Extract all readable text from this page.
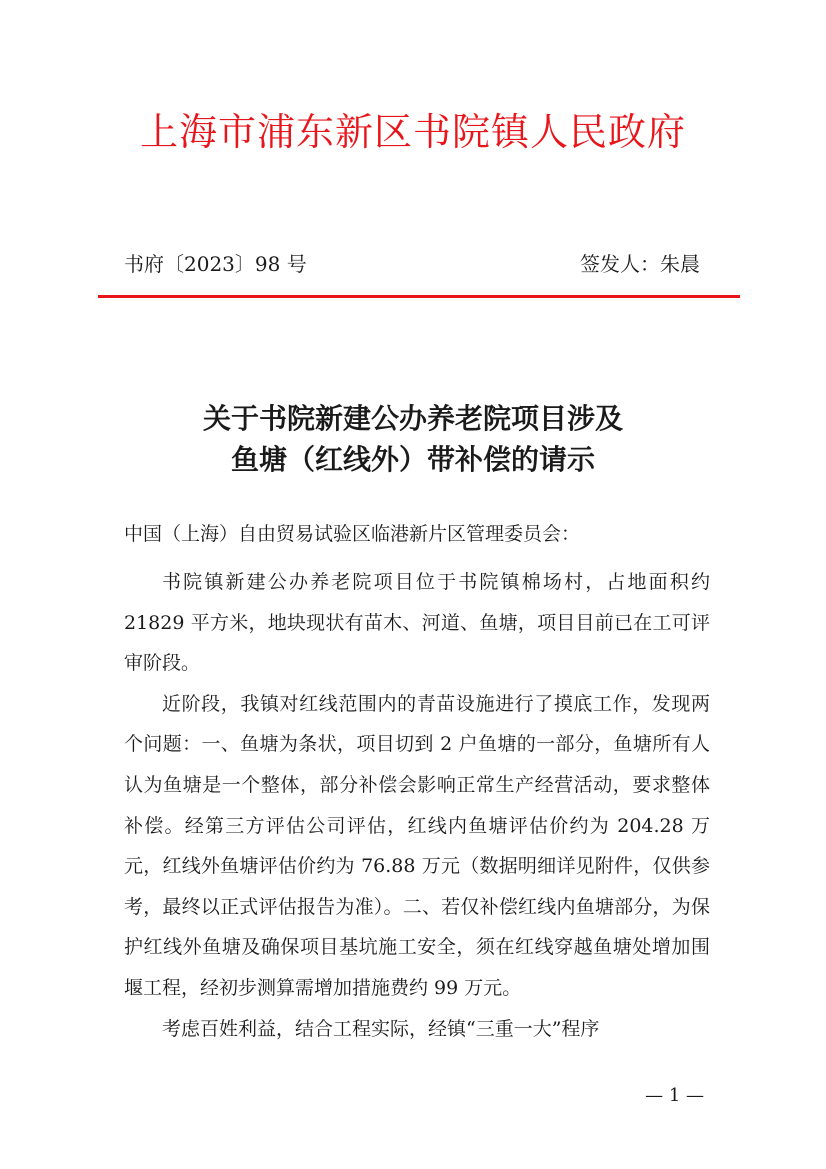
上海市浦东新区书院镇人民政府
书府〔2023〕98 号	签发人：朱晨
关于书院新建公办养老院项目涉及
鱼塘（红线外）带补偿的请示
中国（上海）自由贸易试验区临港新片区管理委员会：

书院镇新建公办养老院项目位于书院镇棉场村，占地面积约 21829 平方米，地块现状有苗木、河道、鱼塘，项目目前已在工可评审阶段。

近阶段，我镇对红线范围内的青苗设施进行了摸底工作，发现两个问题：一、鱼塘为条状，项目切到 2 户鱼塘的一部分，鱼塘所有人认为鱼塘是一个整体，部分补偿会影响正常生产经营活动，要求整体补偿。经第三方评估公司评估，红线内鱼塘评估价约为 204.28 万元，红线外鱼塘评估价约为 76.88 万元（数据明细详见附件，仅供参考，最终以正式评估报告为准）。二、若仅补偿红线内鱼塘部分，为保护红线外鱼塘及确保项目基坑施工安全，须在红线穿越鱼塘处增加围堰工程，经初步测算需增加措施费约 99 万元。

考虑百姓利益，结合工程实际，经镇“三重一大”程序

— 1 —
